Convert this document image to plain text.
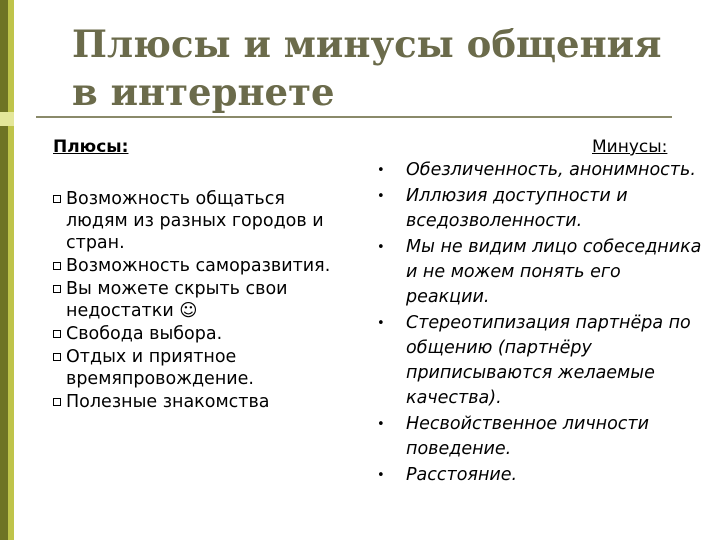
Плюсы и минусы общения в интернете
Плюсы:	Минусы:
Возможность общаться людям из разных городов и стран.
Возможность саморазвития.
Вы можете скрыть свои недостатки ☺
Свобода выбора.
Отдых и приятное времяпровождение.
Полезные знакомства
• Обезличенность, анонимность.
• Иллюзия доступности и вседозволенности.
• Мы не видим лицо собеседника и не можем понять его реакции.
• Стереотипизация партнёра по общению (партнёру приписываются желаемые качества).
• Несвойственное личности поведение.
• Расстояние.
